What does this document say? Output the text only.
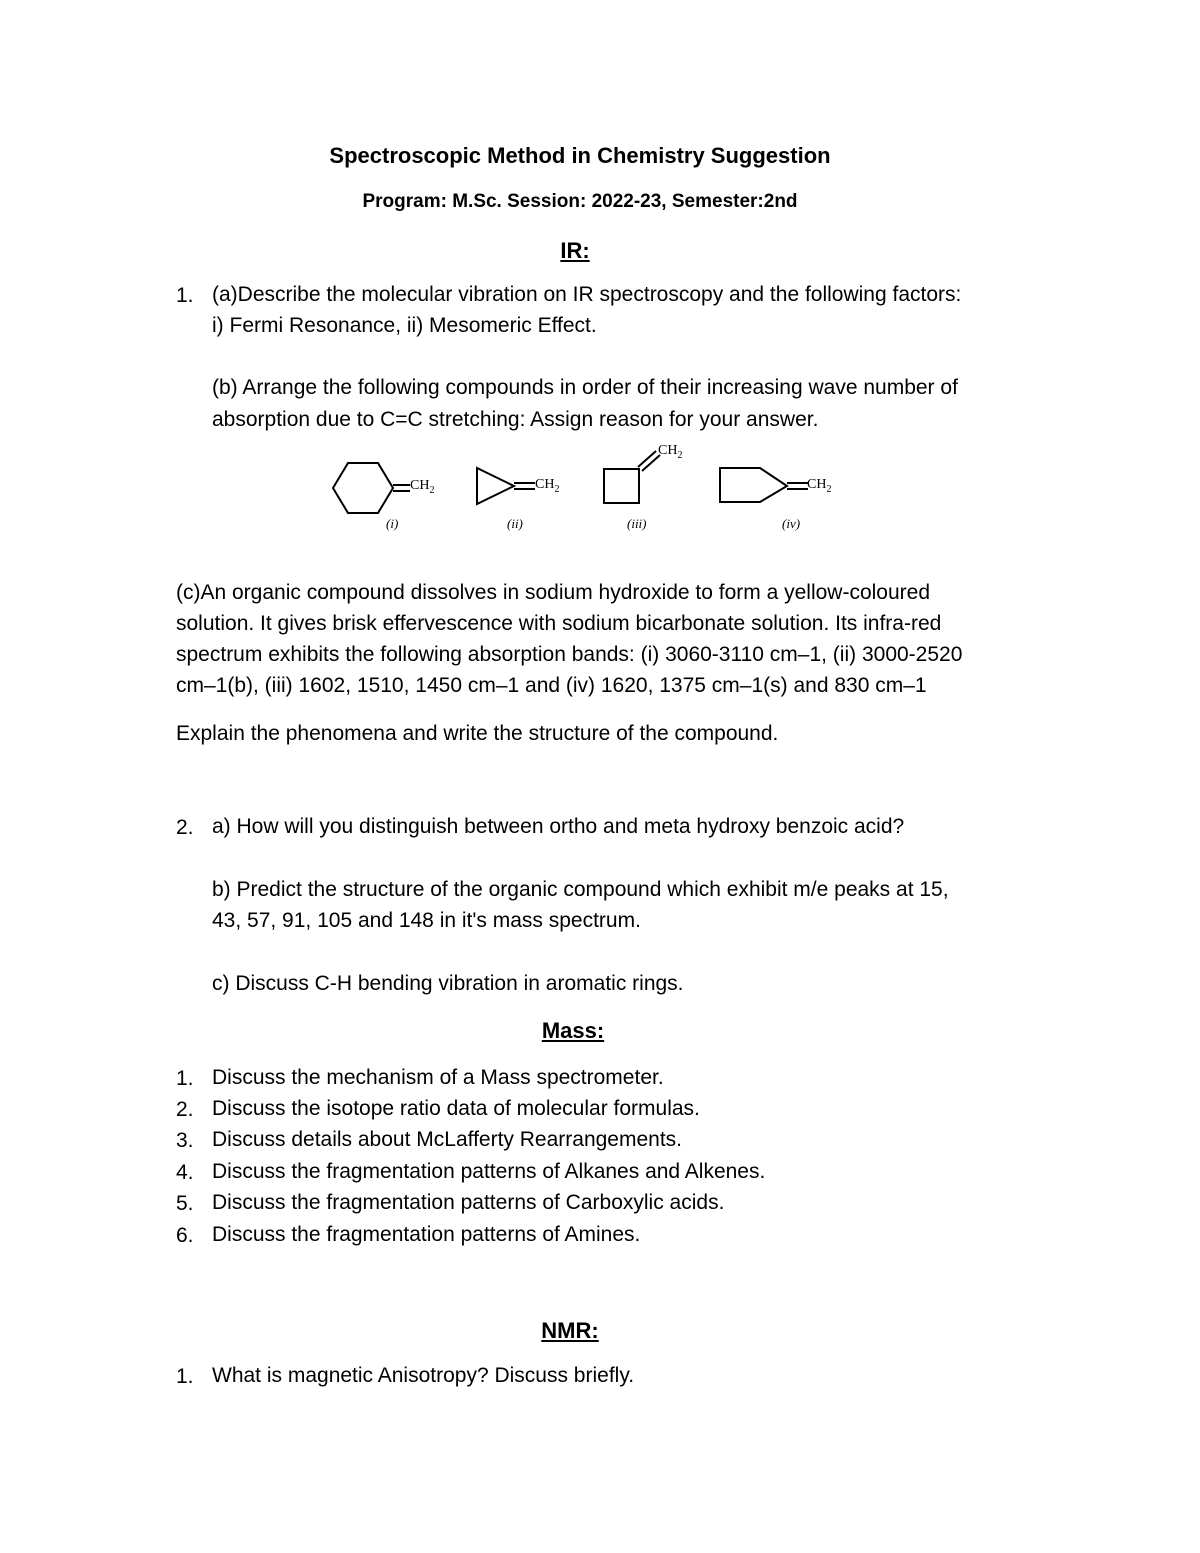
Spectroscopic Method in Chemistry Suggestion
Program: M.Sc. Session: 2022-23, Semester:2nd
IR:
1. (a)Describe the molecular vibration on IR spectroscopy and the following factors:
i) Fermi Resonance, ii) Mesomeric Effect.
(b) Arrange the following compounds in order of their increasing wave number of
absorption due to C=C stretching: Assign reason for your answer.
$CH_2$	$CH_2$
$CH_2$
$CH_2$
(i)	(ii)	(iii)	(iv)
(c)An organic compound dissolves in sodium hydroxide to form a yellow-coloured
solution. It gives brisk effervescence with sodium bicarbonate solution. Its infra-red
spectrum exhibits the following absorption bands: (i) 3060-3110 cm–1, (ii) 3000-2520
cm–1(b), (iii) 1602, 1510, 1450 cm–1 and (iv) 1620, 1375 cm–1(s) and 830 cm–1
Explain the phenomena and write the structure of the compound.
2. a) How will you distinguish between ortho and meta hydroxy benzoic acid?
b) Predict the structure of the organic compound which exhibit m/e peaks at 15,
43, 57, 91, 105 and 148 in it's mass spectrum.
c) Discuss C-H bending vibration in aromatic rings.
Mass:
1. Discuss the mechanism of a Mass spectrometer.
2. Discuss the isotope ratio data of molecular formulas.
3. Discuss details about McLafferty Rearrangements.
4. Discuss the fragmentation patterns of Alkanes and Alkenes.
5. Discuss the fragmentation patterns of Carboxylic acids.
6. Discuss the fragmentation patterns of Amines.
NMR:
1. What is magnetic Anisotropy? Discuss briefly.
